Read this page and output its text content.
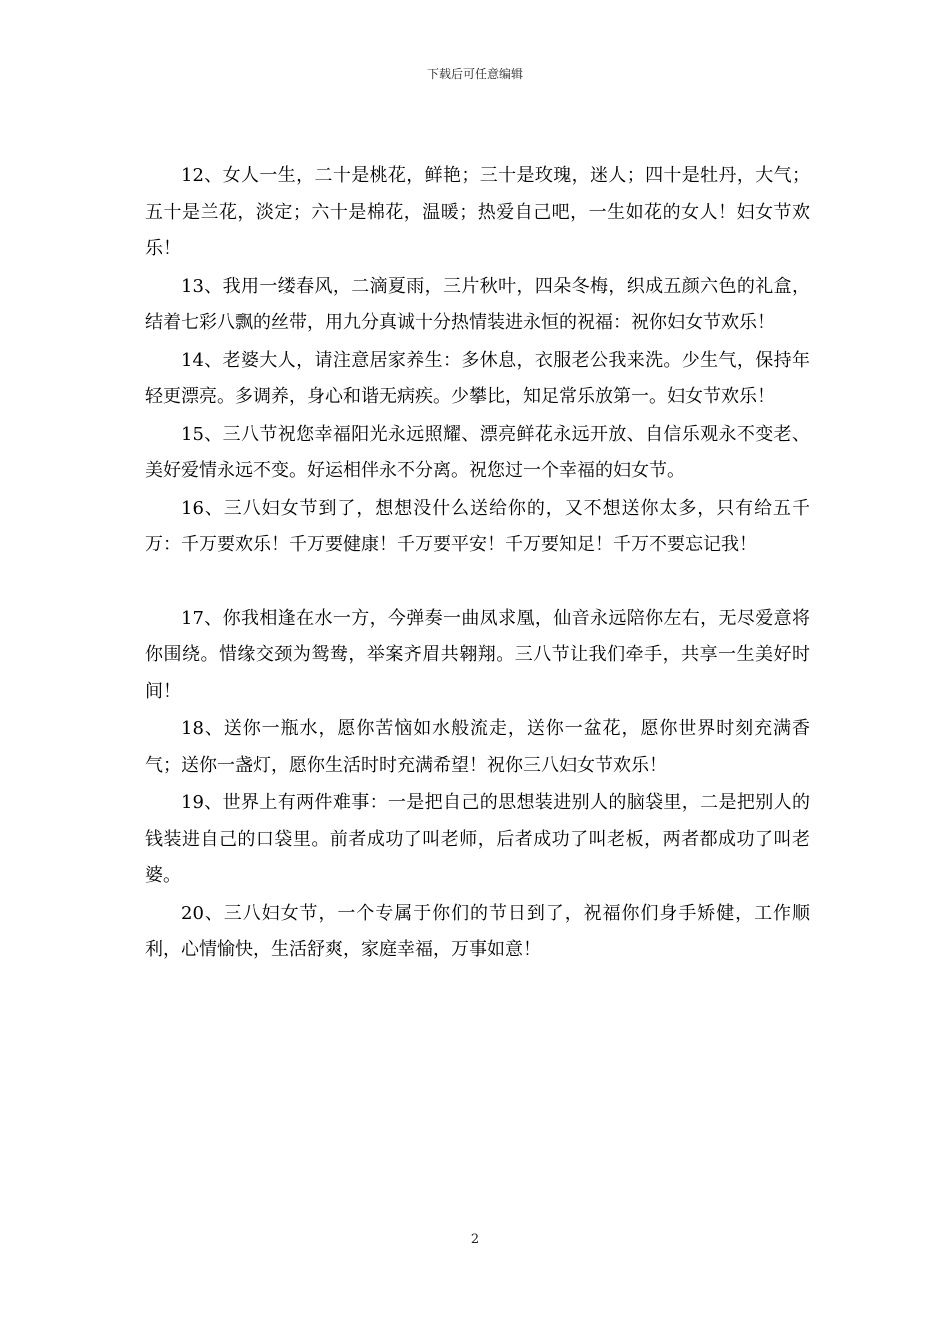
下载后可任意编辑

12、女人一生，二十是桃花，鲜艳；三十是玫瑰，迷人；四十是牡丹，大气；五十是兰花，淡定；六十是棉花，温暖；热爱自己吧，一生如花的女人！妇女节欢乐！

13、我用一缕春风，二滴夏雨，三片秋叶，四朵冬梅，织成五颜六色的礼盒，结着七彩八飘的丝带，用九分真诚十分热情装进永恒的祝福：祝你妇女节欢乐！

14、老婆大人，请注意居家养生：多休息，衣服老公我来洗。少生气，保持年轻更漂亮。多调养，身心和谐无病疾。少攀比，知足常乐放第一。妇女节欢乐！

15、三八节祝您幸福阳光永远照耀、漂亮鲜花永远开放、自信乐观永不变老、美好爱情永远不变。好运相伴永不分离。祝您过一个幸福的妇女节。

16、三八妇女节到了，想想没什么送给你的，又不想送你太多，只有给五千万：千万要欢乐！千万要健康！千万要平安！千万要知足！千万不要忘记我！

17、你我相逢在水一方，今弹奏一曲凤求凰，仙音永远陪你左右，无尽爱意将你围绕。惜缘交颈为鸳鸯，举案齐眉共翱翔。三八节让我们牵手，共享一生美好时间！

18、送你一瓶水，愿你苦恼如水般流走，送你一盆花，愿你世界时刻充满香气；送你一盏灯，愿你生活时时充满希望！祝你三八妇女节欢乐！

19、世界上有两件难事：一是把自己的思想装进别人的脑袋里，二是把别人的钱装进自己的口袋里。前者成功了叫老师，后者成功了叫老板，两者都成功了叫老婆。

20、三八妇女节，一个专属于你们的节日到了，祝福你们身手矫健，工作顺利，心情愉快，生活舒爽，家庭幸福，万事如意！

2
